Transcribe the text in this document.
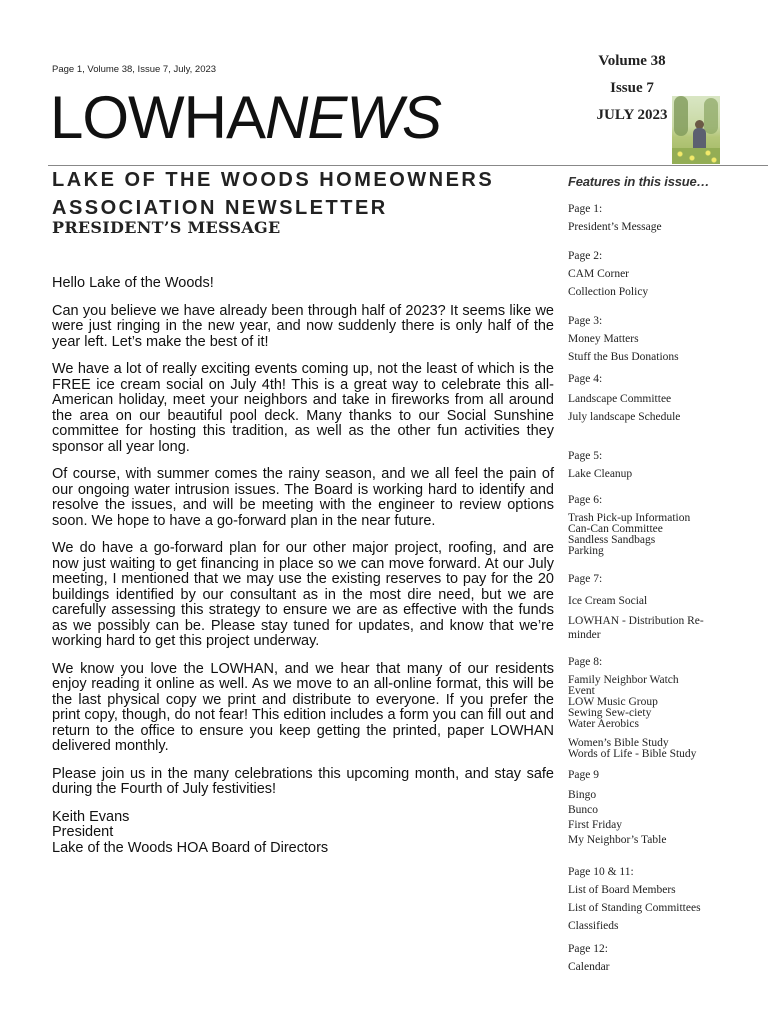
Page 1, Volume 38, Issue 7, July, 2023
LOWHANEWS
LAKE OF THE WOODS HOMEOWNERS
ASSOCIATION NEWSLETTER
PRESIDENT’S MESSAGE

Hello Lake of the Woods!

Can you believe we have already been through half of 2023? It seems like we were just ringing in the new year, and now suddenly there is only half of the year left. Let’s make the best of it!

We have a lot of really exciting events coming up, not the least of which is the FREE ice cream social on July 4th! This is a great way to celebrate this all-American holiday, meet your neighbors and take in fireworks from all around the area on our beautiful pool deck. Many thanks to our Social Sunshine committee for hosting this tradition, as well as the other fun activities they sponsor all year long.

Of course, with summer comes the rainy season, and we all feel the pain of our ongoing water intrusion issues. The Board is working hard to identify and resolve the issues, and will be meeting with the engineer to review options soon. We hope to have a go-forward plan in the near future.

We do have a go-forward plan for our other major project, roofing, and are now just waiting to get financing in place so we can move forward. At our July meeting, I mentioned that we may use the existing reserves to pay for the 20 buildings identified by our consultant as in the most dire need, but we are carefully assessing this strategy to ensure we are as effective with the funds as we possibly can be. Please stay tuned for updates, and know that we’re working hard to get this project underway.

We know you love the LOWHAN, and we hear that many of our residents enjoy reading it online as well. As we move to an all-online format, this will be the last physical copy we print and distribute to everyone. If you prefer the print copy, though, do not fear! This edition includes a form you can fill out and return to the office to ensure you keep getting the printed, paper LOWHAN delivered monthly.

Please join us in the many celebrations this upcoming month, and stay safe during the Fourth of July festivities!

Keith Evans
President
Lake of the Woods HOA Board of Directors
Volume 38
Issue 7
JULY 2023
Features in this issue…
Page 1:
President’s Message
Page 2:
CAM Corner
Collection Policy
Page 3:
Money Matters
Stuff the Bus Donations
Page 4:
Landscape Committee
July landscape Schedule
Page 5:
Lake Cleanup
Page 6:
Trash Pick-up Information
Can-Can Committee
Sandless Sandbags
Parking
Page 7:
Ice Cream Social
LOWHAN - Distribution Re-
minder
Page 8:
Family Neighbor Watch
Event
LOW Music Group
Sewing Sew-ciety
Water Aerobics
Women’s Bible Study
Words of Life - Bible Study
Page 9
Bingo
Bunco
First Friday
My Neighbor’s Table
Page 10 & 11:
List of Board Members
List of Standing Committees
Classifieds
Page 12:
Calendar
